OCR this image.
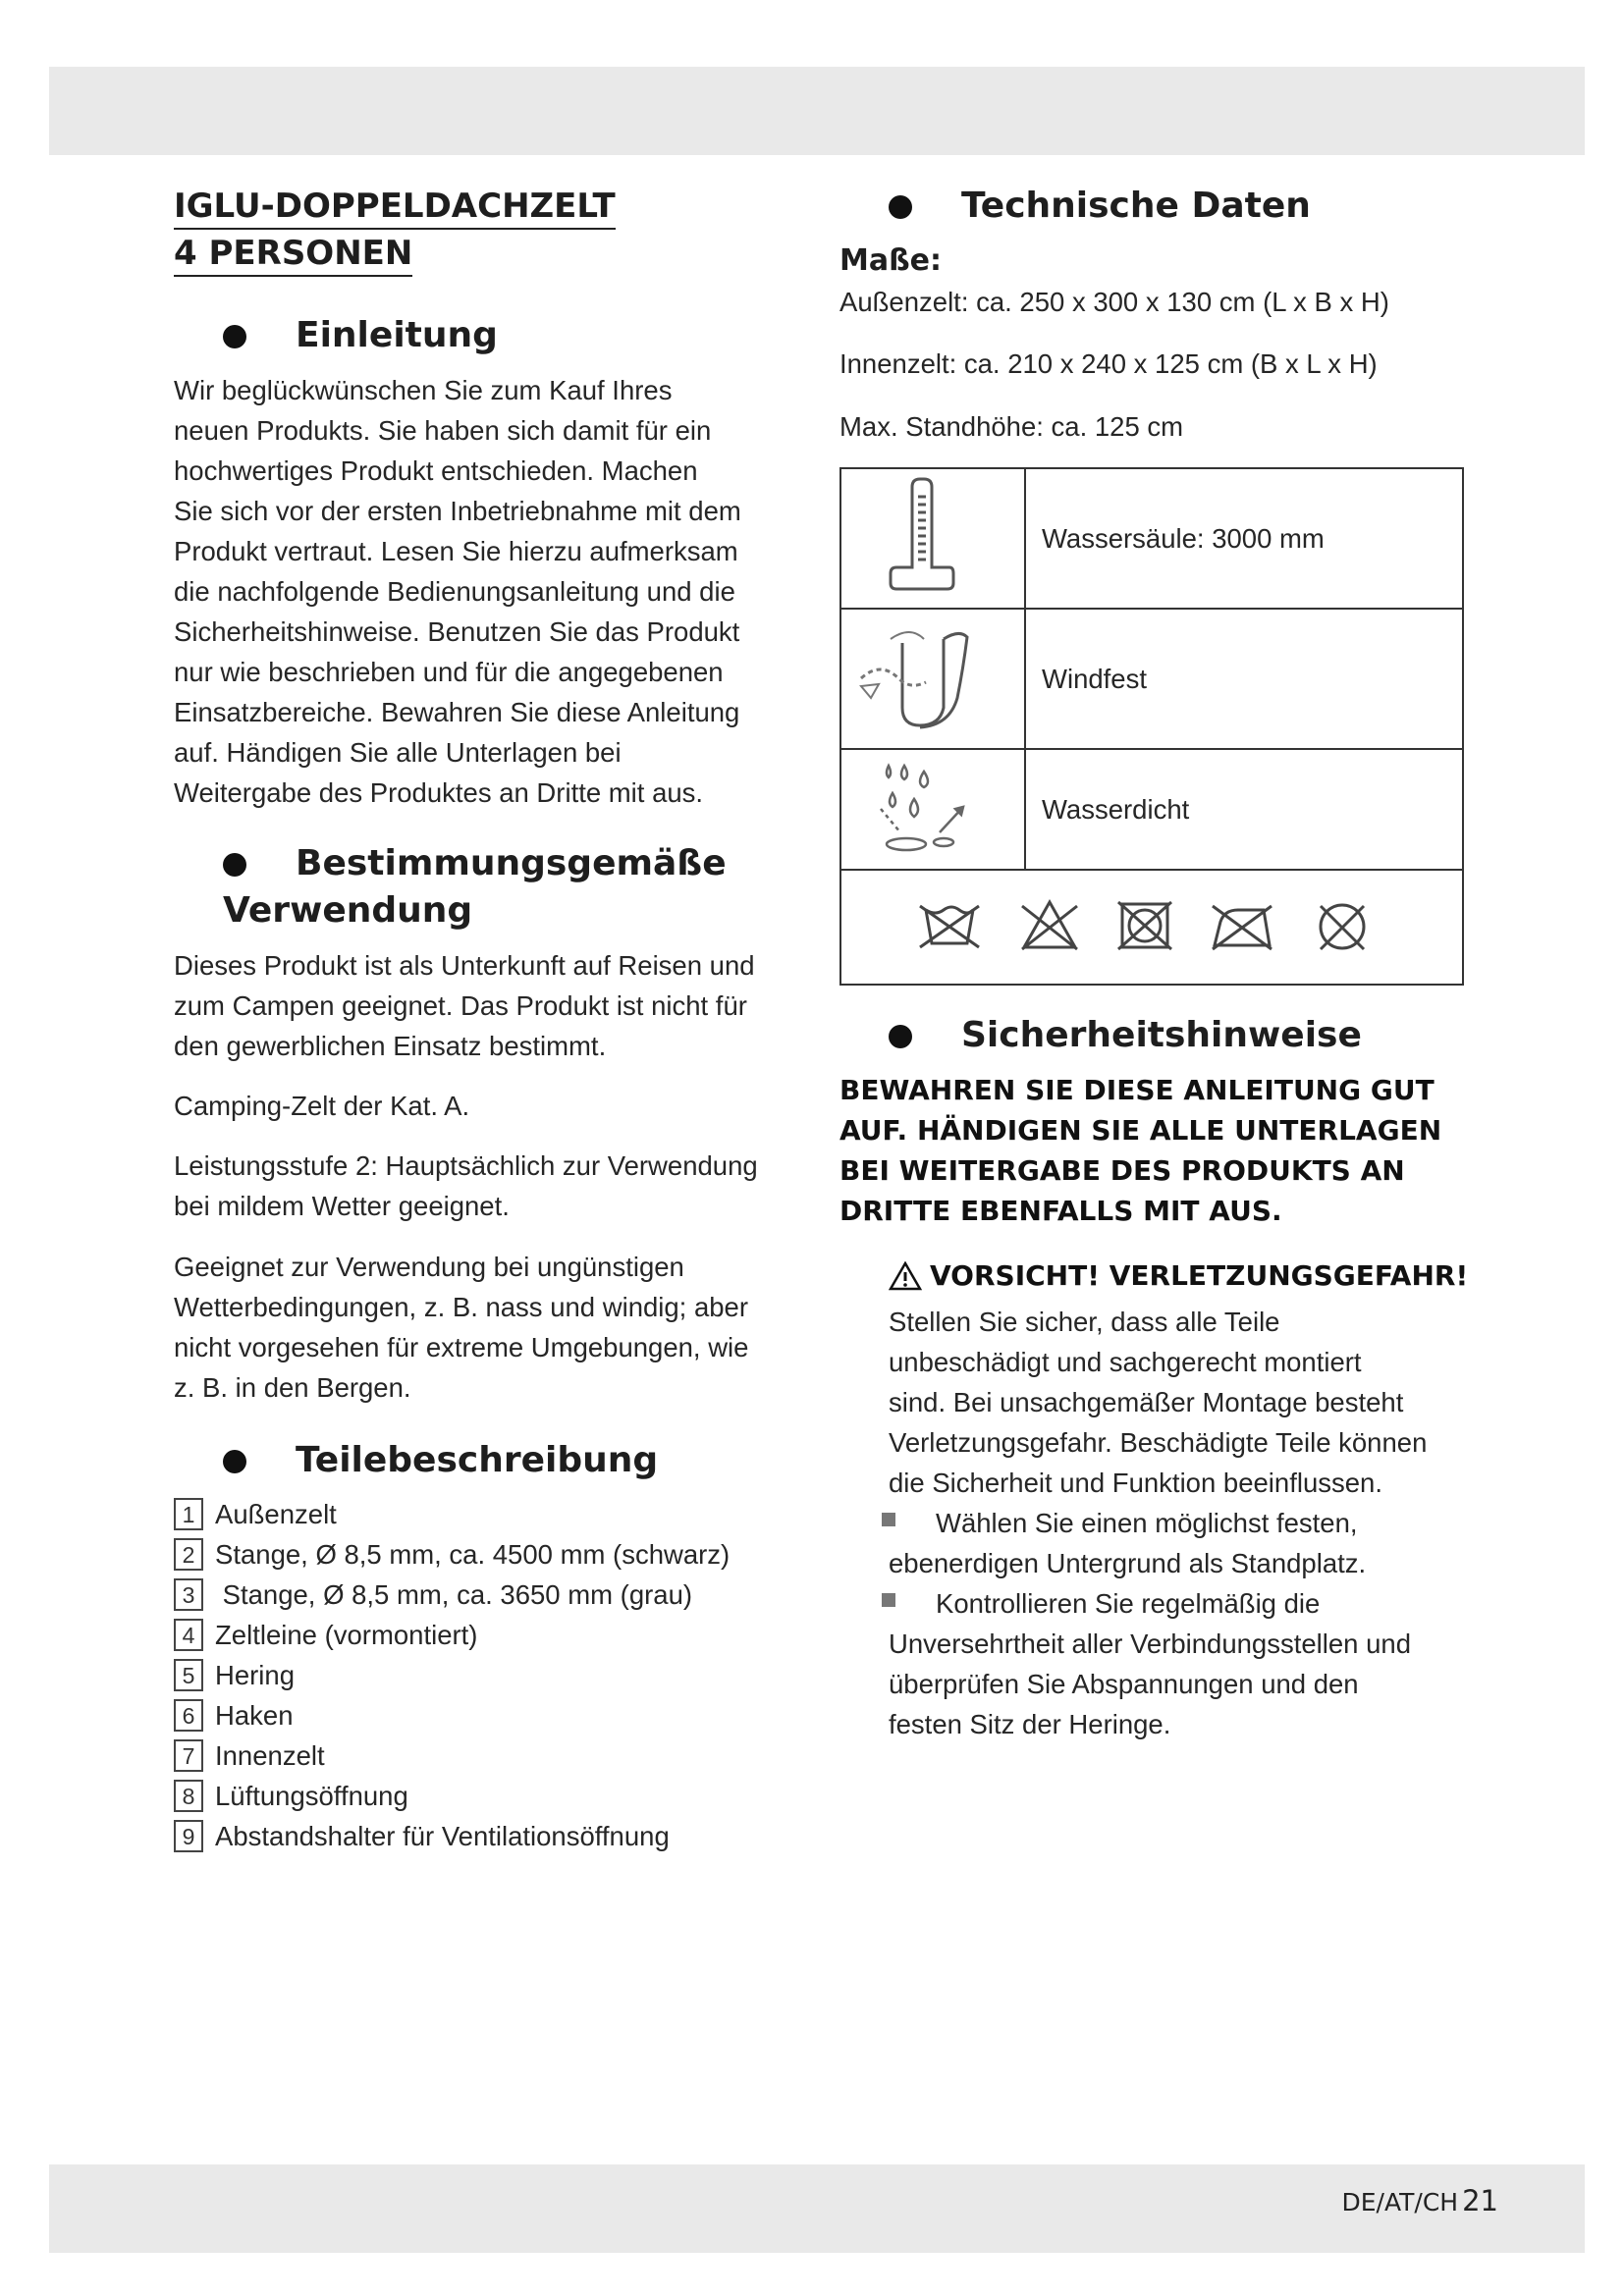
IGLU-DOPPELDACHZELT
4 PERSONEN
Einleitung
Wir beglückwünschen Sie zum Kauf Ihres
neuen Produkts. Sie haben sich damit für ein
hochwertiges Produkt entschieden. Machen
Sie sich vor der ersten Inbetriebnahme mit dem
Produkt vertraut. Lesen Sie hierzu aufmerksam
die nachfolgende Bedienungsanleitung und die
Sicherheitshinweise. Benutzen Sie das Produkt
nur wie beschrieben und für die angegebenen
Einsatzbereiche. Bewahren Sie diese Anleitung
auf. Händigen Sie alle Unterlagen bei
Weitergabe des Produktes an Dritte mit aus.
Bestimmungsgemäße
Verwendung
Dieses Produkt ist als Unterkunft auf Reisen und
zum Campen geeignet. Das Produkt ist nicht für
den gewerblichen Einsatz bestimmt.
Camping-Zelt der Kat. A.
Leistungsstufe 2: Hauptsächlich zur Verwendung
bei mildem Wetter geeignet.
Geeignet zur Verwendung bei ungünstigen
Wetterbedingungen, z. B. nass und windig; aber
nicht vorgesehen für extreme Umgebungen, wie
z. B. in den Bergen.
Teilebeschreibung
1 Außenzelt
2 Stange, Ø 8,5 mm, ca. 4500 mm (schwarz)
3 Stange, Ø 8,5 mm, ca. 3650 mm (grau)
4 Zeltleine (vormontiert)
5 Hering
6 Haken
7 Innenzelt
8 Lüftungsöffnung
9 Abstandshalter für Ventilationsöffnung
Technische Daten
Maße:
Außenzelt: ca. 250 x 300 x 130 cm (L x B x H)
Innenzelt: ca. 210 x 240 x 125 cm (B x L x H)
Max. Standhöhe: ca. 125 cm
	Wassersäule: 3000 mm
	Windfest
	Wasserdicht

Sicherheitshinweise
BEWAHREN SIE DIESE ANLEITUNG GUT
AUF. HÄNDIGEN SIE ALLE UNTERLAGEN
BEI WEITERGABE DES PRODUKTS AN
DRITTE EBENFALLS MIT AUS.
VORSICHT! VERLETZUNGSGEFAHR!
Stellen Sie sicher, dass alle Teile
unbeschädigt und sachgerecht montiert
sind. Bei unsachgemäßer Montage besteht
Verletzungsgefahr. Beschädigte Teile können
die Sicherheit und Funktion beeinflussen.
Wählen Sie einen möglichst festen,
ebenerdigen Untergrund als Standplatz.
Kontrollieren Sie regelmäßig die
Unversehrtheit aller Verbindungsstellen und
überprüfen Sie Abspannungen und den
festen Sitz der Heringe.
DE/AT/CH 21
